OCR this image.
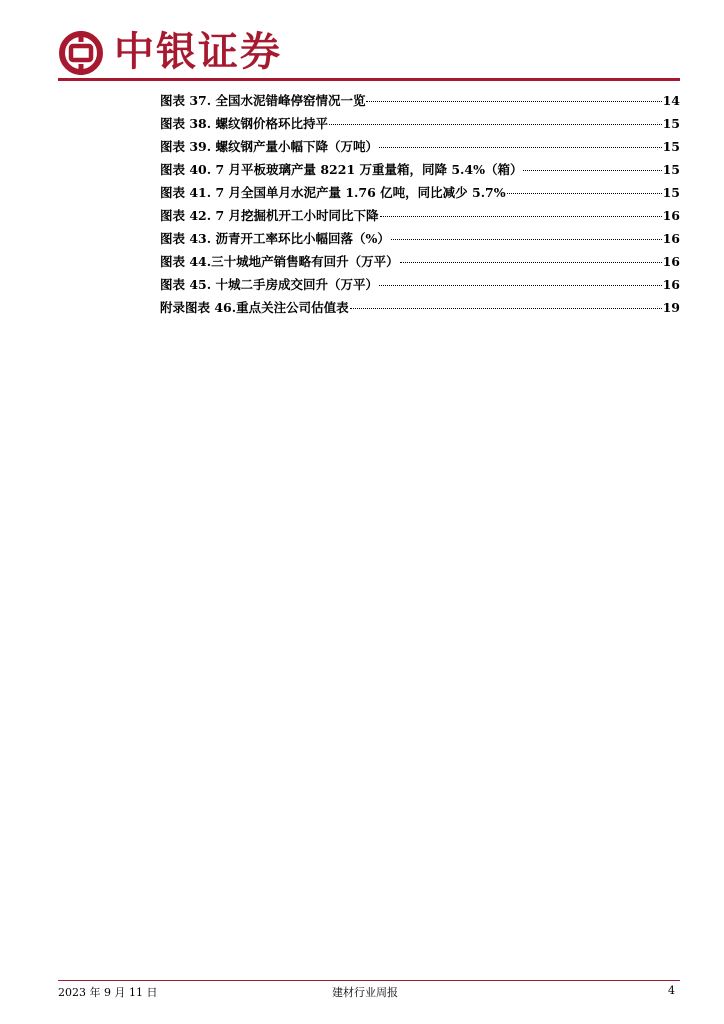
中银证券
图表 37. 全国水泥错峰停窑情况一览	14
图表 38. 螺纹钢价格环比持平	15
图表 39. 螺纹钢产量小幅下降（万吨）	15
图表 40. 7 月平板玻璃产量 8221 万重量箱，同降 5.4%（箱）	15
图表 41. 7 月全国单月水泥产量 1.76 亿吨，同比减少 5.7%	15
图表 42. 7 月挖掘机开工小时同比下降	16
图表 43. 沥青开工率环比小幅回落（%）	16
图表 44.三十城地产销售略有回升（万平）	16
图表 45. 十城二手房成交回升（万平）	16
附录图表 46.重点关注公司估值表	19
2023 年 9 月 11 日	建材行业周报	4
